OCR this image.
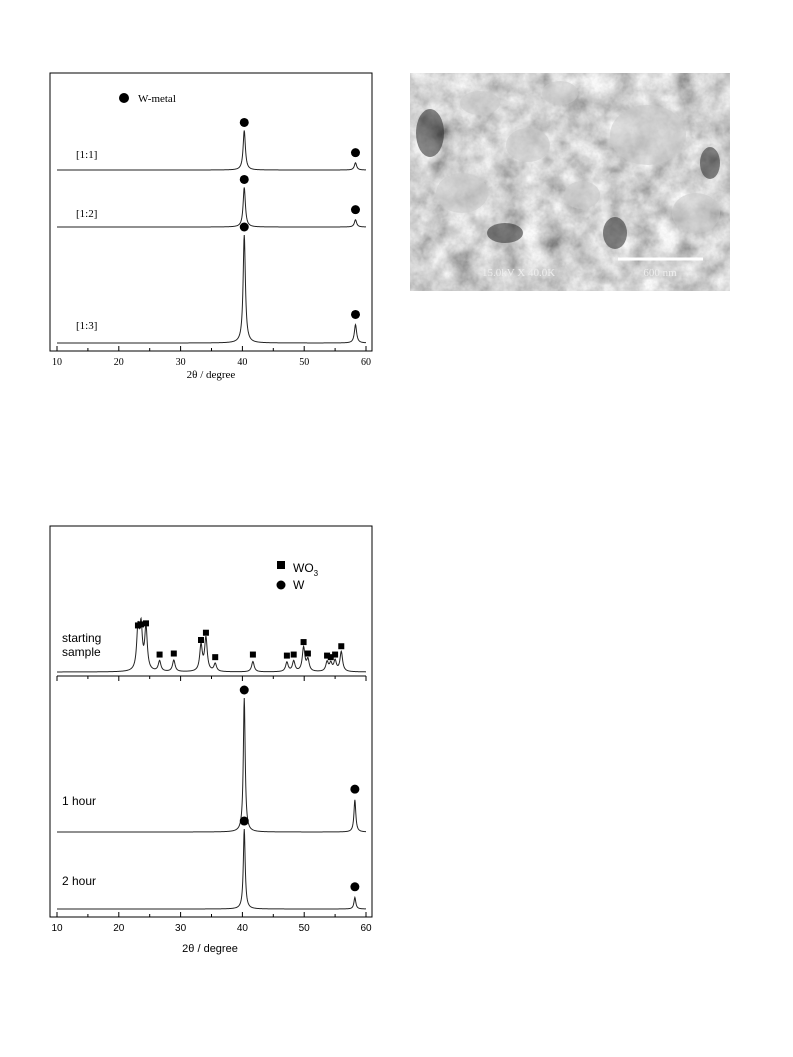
10	20	30	40	50	60
[1:1]
[1:2]
[1:3]
W-metal
2θ / degree
10	20	30	40	50	60
starting sample
1 hour
2 hour
$WO_3$
W
2θ / degree
15.0kV X 40.0K	600 nm
